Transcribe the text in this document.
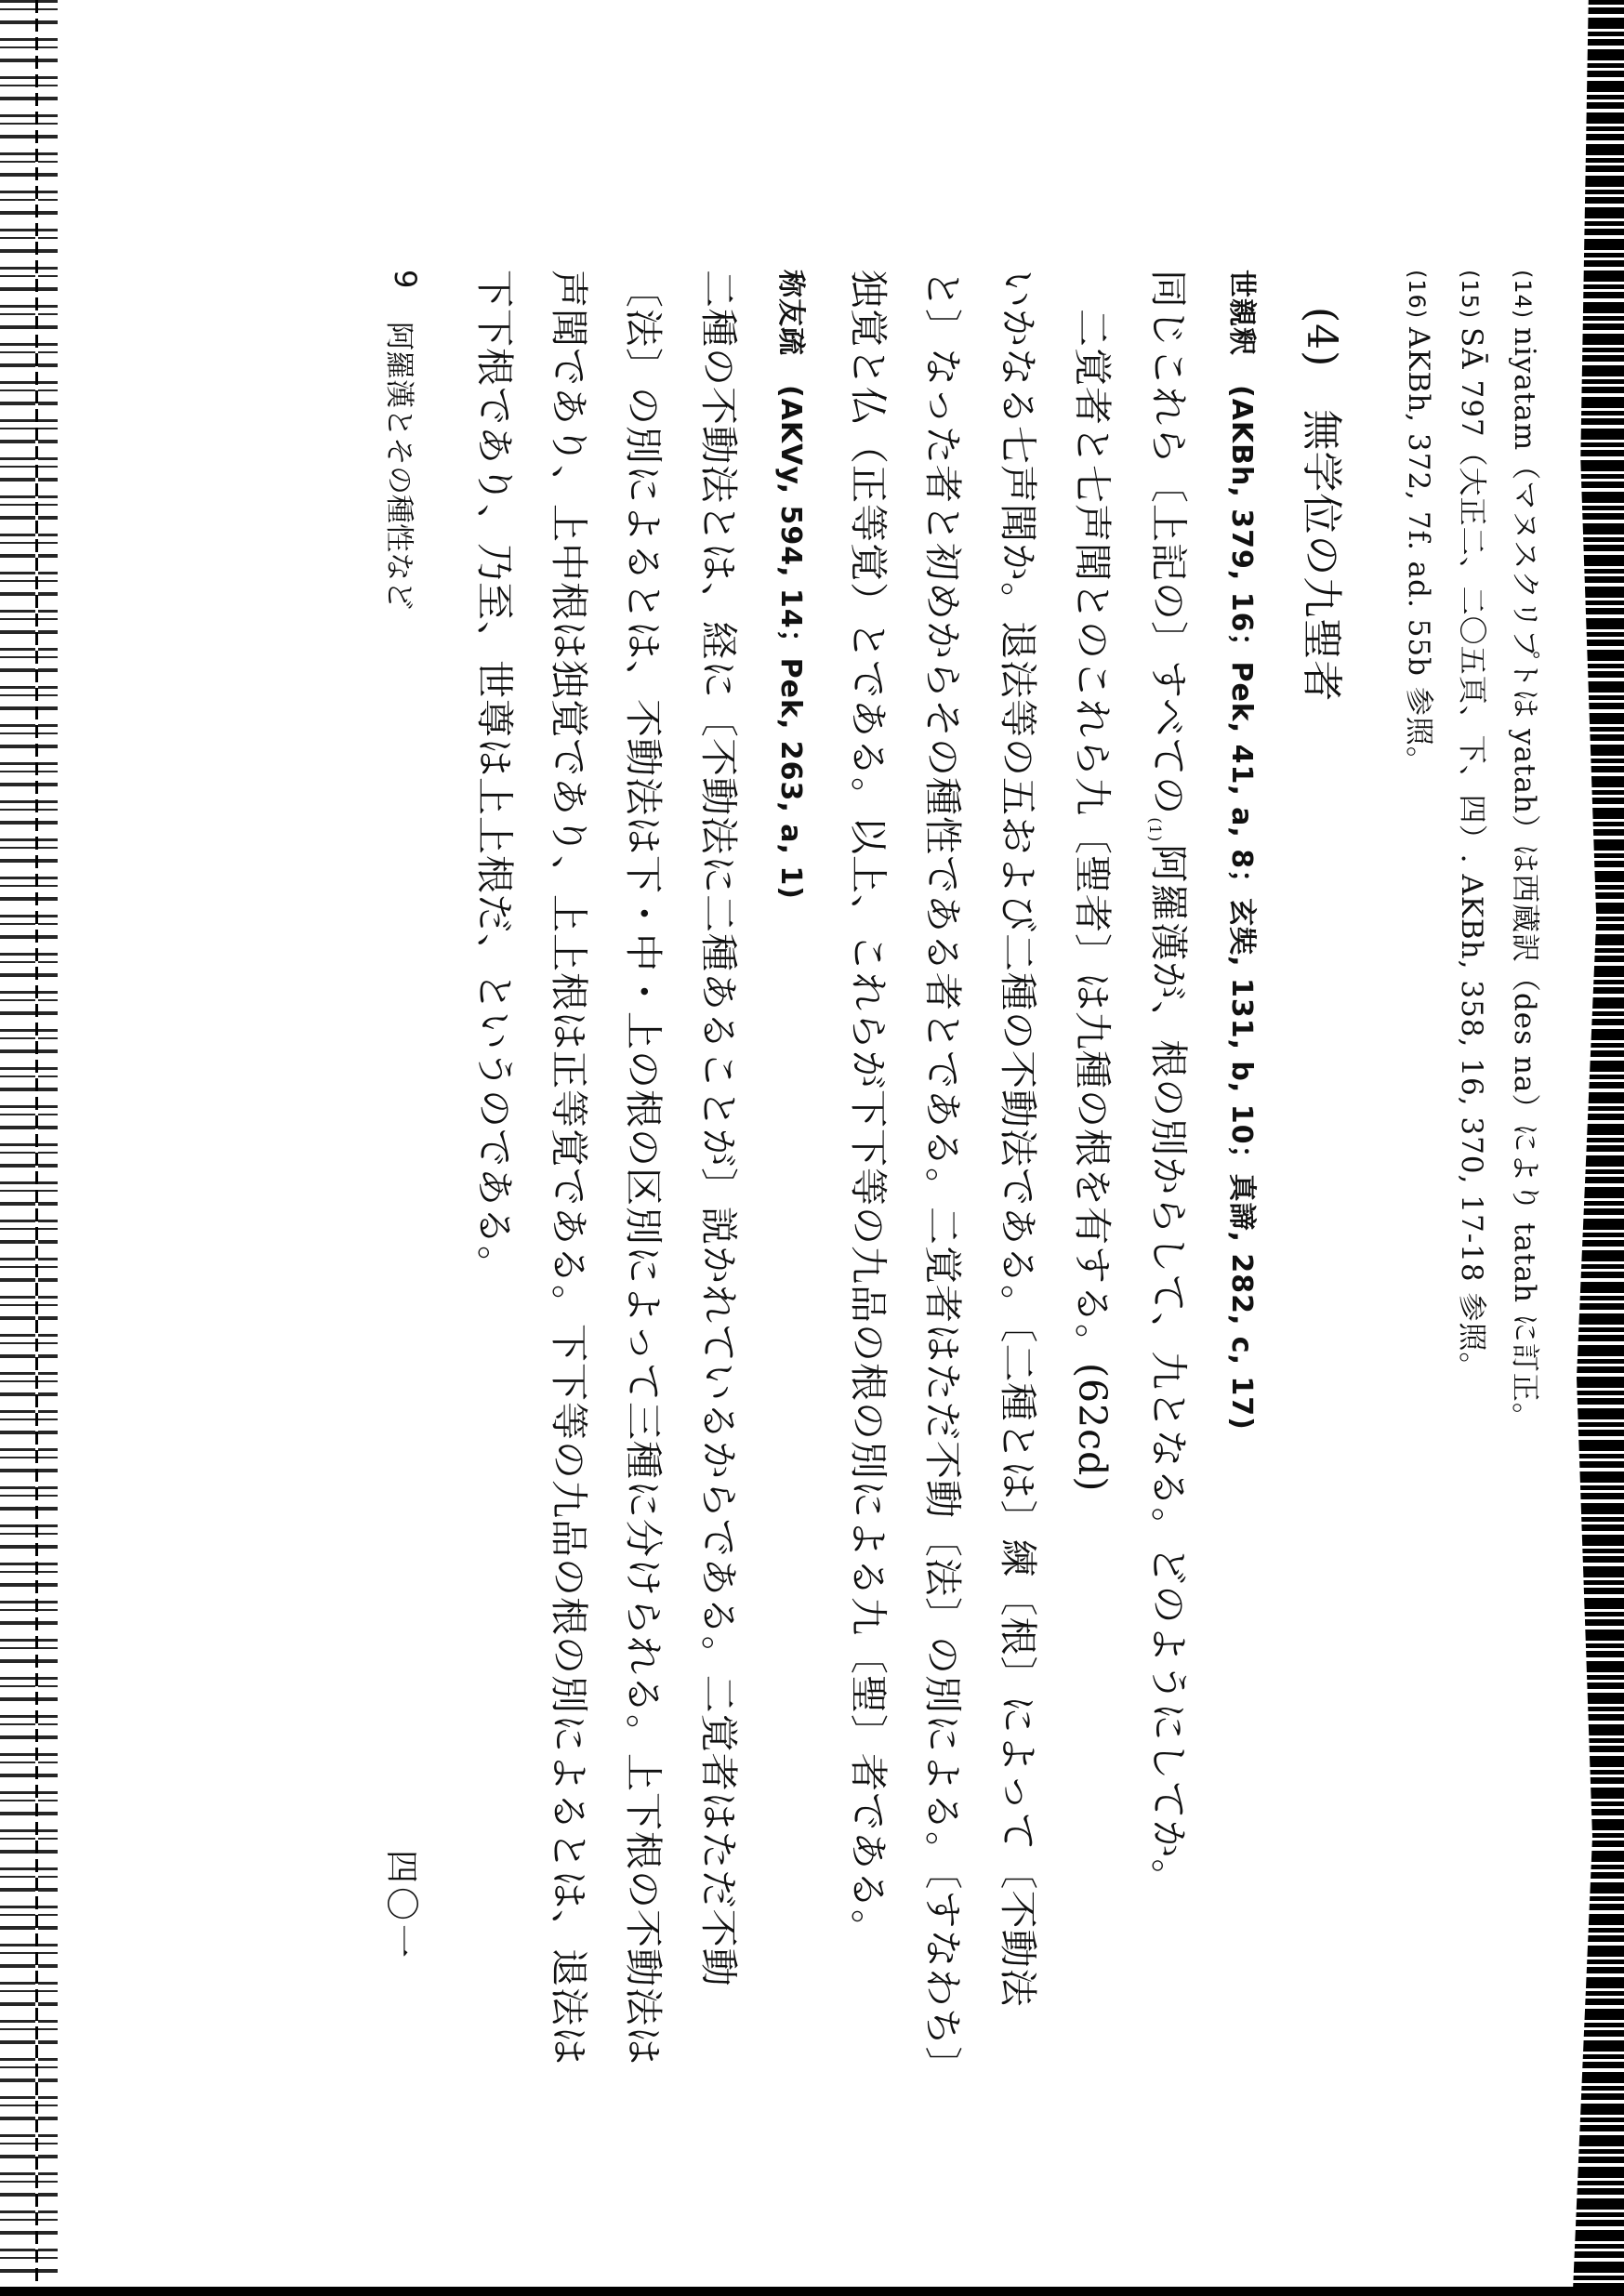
(14)niyatam（マヌスクリプトは yatah）は西蔵訳（des na）により tatah に訂正。
(15)SĀ 797（大正二、二〇五頁、下、四）. AKBh, 358, 16, 370, 17-18 参照。
(16)AKBh, 372, 7f. ad. 55b 参照。
(4)　無学位の九聖者
世親釈　(AKBh, 379, 16；Pek, 41, a, 8；玄奘, 131, b, 10；真諦, 282, c, 17)
同じこれら〔上記の〕すべての$^{(1)}$阿羅漢が、根の別からして、九となる。どのようにしてか。
　二覚者と七声聞とのこれら九〔聖者〕は九種の根を有する。(62cd)
いかなる七声聞か。退法等の五および二種の不動法である。〔二種とは〕練〔根〕によって〔不動法
と〕なった者と初めからその種性である者とである。二覚者はただ不動〔法〕の別による。〔すなわち〕
独覚と仏（正等覚）とである。以上、これらが下下等の九品の根の別による九〔聖〕者である。
称友疏　(AKVy, 594, 14；Pek, 263, a, 1)
二種の不動法とは、経に〔不動法に二種あることが〕説かれているからである。二覚者はただ不動
〔法〕の別によるとは、不動法は下・中・上の根の区別によって三種に分けられる。上下根の不動法は
声聞であり、上中根は独覚であり、上上根は正等覚である。下下等の九品の根の別によるとは、退法は
下下根であり、乃至、世尊は上上根だ、というのである。
9
阿羅漢とその種性など
四〇一
